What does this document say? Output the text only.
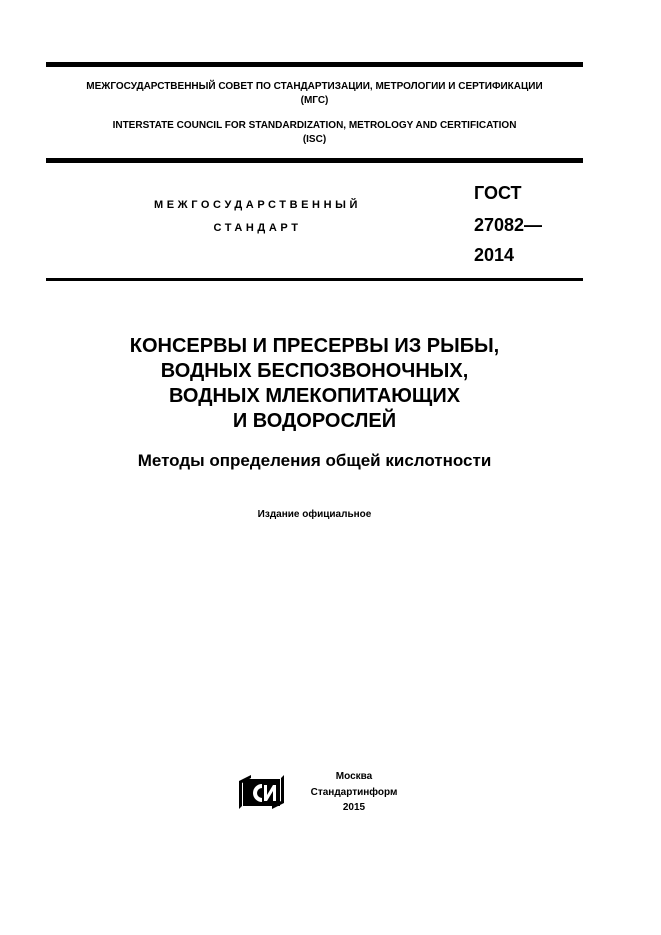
МЕЖГОСУДАРСТВЕННЫЙ СОВЕТ ПО СТАНДАРТИЗАЦИИ, МЕТРОЛОГИИ И СЕРТИФИКАЦИИ
(МГС)
INTERSTATE COUNCIL FOR STANDARDIZATION, METROLOGY AND CERTIFICATION
(ISC)
МЕЖГОСУДАРСТВЕННЫЙ
СТАНДАРТ
ГОСТ
27082—
2014
КОНСЕРВЫ И ПРЕСЕРВЫ ИЗ РЫБЫ,
ВОДНЫХ БЕСПОЗВОНОЧНЫХ,
ВОДНЫХ МЛЕКОПИТАЮЩИХ
И ВОДОРОСЛЕЙ
Методы определения общей кислотности
Издание официальное
Москва
Стандартинформ
2015
